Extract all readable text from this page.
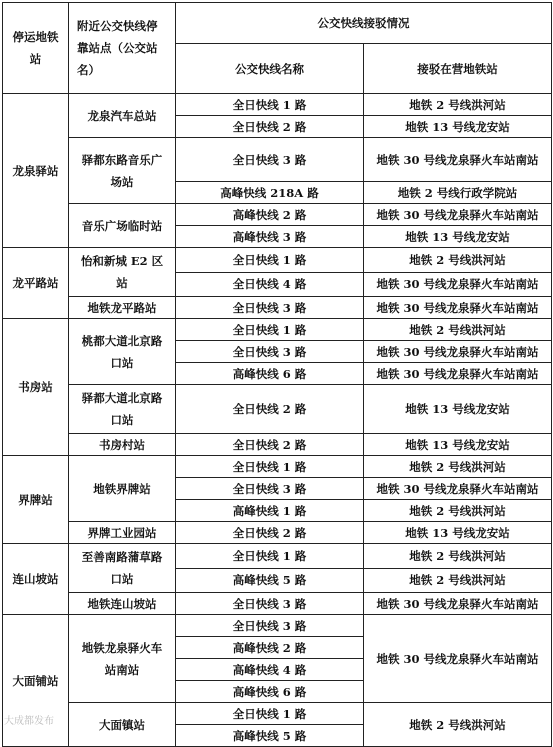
停运地铁站	附近公交快线停靠站点（公交站名）	公交快线接驳情况	
		公交快线名称	接驳在营地铁站
龙泉驿站	龙泉汽车总站	全日快线 1 路	地铁 2 号线洪河站
		全日快线 2 路	地铁 13 号线龙安站
	驿都东路音乐广场站	全日快线 3 路	地铁 30 号线龙泉驿火车站南站
		高峰快线 218A 路	地铁 2 号线行政学院站
	音乐广场临时站	高峰快线 2 路	地铁 30 号线龙泉驿火车站南站
		高峰快线 3 路	地铁 13 号线龙安站
龙平路站	怡和新城 E2 区站	全日快线 1 路	地铁 2 号线洪河站
		全日快线 4 路	地铁 30 号线龙泉驿火车站南站
	地铁龙平路站	全日快线 3 路	地铁 30 号线龙泉驿火车站南站
书房站	桃都大道北京路口站	全日快线 1 路	地铁 2 号线洪河站
		全日快线 3 路	地铁 30 号线龙泉驿火车站南站
		高峰快线 6 路	地铁 30 号线龙泉驿火车站南站
	驿都大道北京路口站	全日快线 2 路	地铁 13 号线龙安站
	书房村站	全日快线 2 路	地铁 13 号线龙安站
界牌站	地铁界牌站	全日快线 1 路	地铁 2 号线洪河站
		全日快线 3 路	地铁 30 号线龙泉驿火车站南站
		高峰快线 1 路	地铁 2 号线洪河站
	界牌工业园站	全日快线 2 路	地铁 13 号线龙安站
连山坡站	至善南路蒲草路口站	全日快线 1 路	地铁 2 号线洪河站
		高峰快线 5 路	地铁 2 号线洪河站
	地铁连山坡站	全日快线 3 路	地铁 30 号线龙泉驿火车站南站
大面铺站	地铁龙泉驿火车站南站	全日快线 3 路	地铁 30 号线龙泉驿火车站南站
		高峰快线 2 路	
		高峰快线 4 路	
		高峰快线 6 路	
	大面镇站	全日快线 1 路	地铁 2 号线洪河站
		高峰快线 5 路	
大成都发布
